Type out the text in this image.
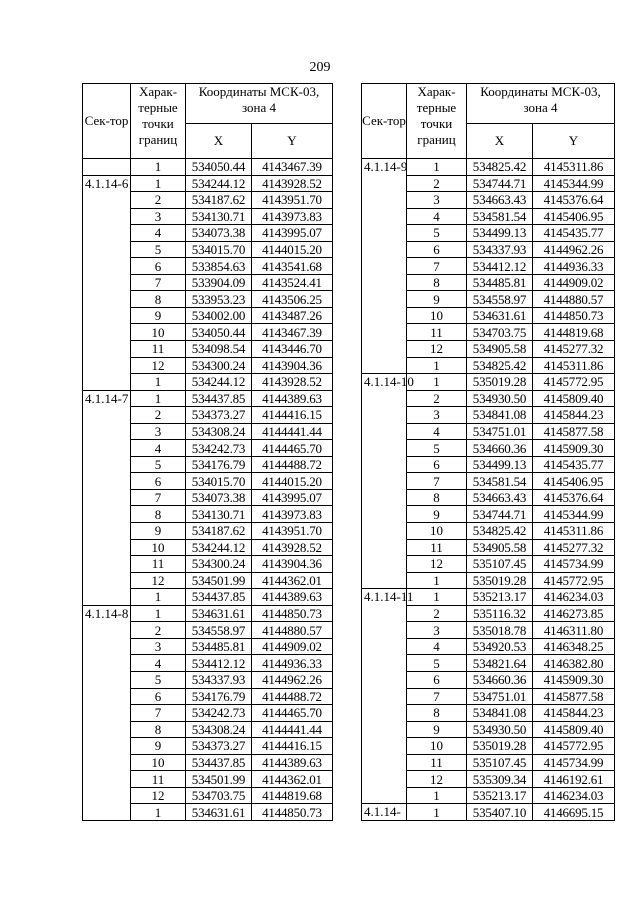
209
Сек-тор	Харак-терные точки границ	Координаты МСК-03, зона 4	
		X	Y
	1	534050.44	4143467.39
4.1.14-6	1	534244.12	4143928.52
	2	534187.62	4143951.70
	3	534130.71	4143973.83
	4	534073.38	4143995.07
	5	534015.70	4144015.20
	6	533854.63	4143541.68
	7	533904.09	4143524.41
	8	533953.23	4143506.25
	9	534002.00	4143487.26
	10	534050.44	4143467.39
	11	534098.54	4143446.70
	12	534300.24	4143904.36
	1	534244.12	4143928.52
4.1.14-7	1	534437.85	4144389.63
	2	534373.27	4144416.15
	3	534308.24	4144441.44
	4	534242.73	4144465.70
	5	534176.79	4144488.72
	6	534015.70	4144015.20
	7	534073.38	4143995.07
	8	534130.71	4143973.83
	9	534187.62	4143951.70
	10	534244.12	4143928.52
	11	534300.24	4143904.36
	12	534501.99	4144362.01
	1	534437.85	4144389.63
4.1.14-8	1	534631.61	4144850.73
	2	534558.97	4144880.57
	3	534485.81	4144909.02
	4	534412.12	4144936.33
	5	534337.93	4144962.26
	6	534176.79	4144488.72
	7	534242.73	4144465.70
	8	534308.24	4144441.44
	9	534373.27	4144416.15
	10	534437.85	4144389.63
	11	534501.99	4144362.01
	12	534703.75	4144819.68
	1	534631.61	4144850.73
Сек-тор	Харак-терные точки границ	Координаты МСК-03, зона 4	
		X	Y
4.1.14-9	1	534825.42	4145311.86
	2	534744.71	4145344.99
	3	534663.43	4145376.64
	4	534581.54	4145406.95
	5	534499.13	4145435.77
	6	534337.93	4144962.26
	7	534412.12	4144936.33
	8	534485.81	4144909.02
	9	534558.97	4144880.57
	10	534631.61	4144850.73
	11	534703.75	4144819.68
	12	534905.58	4145277.32
	1	534825.42	4145311.86
4.1.14-10	1	535019.28	4145772.95
	2	534930.50	4145809.40
	3	534841.08	4145844.23
	4	534751.01	4145877.58
	5	534660.36	4145909.30
	6	534499.13	4145435.77
	7	534581.54	4145406.95
	8	534663.43	4145376.64
	9	534744.71	4145344.99
	10	534825.42	4145311.86
	11	534905.58	4145277.32
	12	535107.45	4145734.99
	1	535019.28	4145772.95
4.1.14-11	1	535213.17	4146234.03
	2	535116.32	4146273.85
	3	535018.78	4146311.80
	4	534920.53	4146348.25
	5	534821.64	4146382.80
	6	534660.36	4145909.30
	7	534751.01	4145877.58
	8	534841.08	4145844.23
	9	534930.50	4145809.40
	10	535019.28	4145772.95
	11	535107.45	4145734.99
	12	535309.34	4146192.61
	1	535213.17	4146234.03
4.1.14-	1	535407.10	4146695.15
